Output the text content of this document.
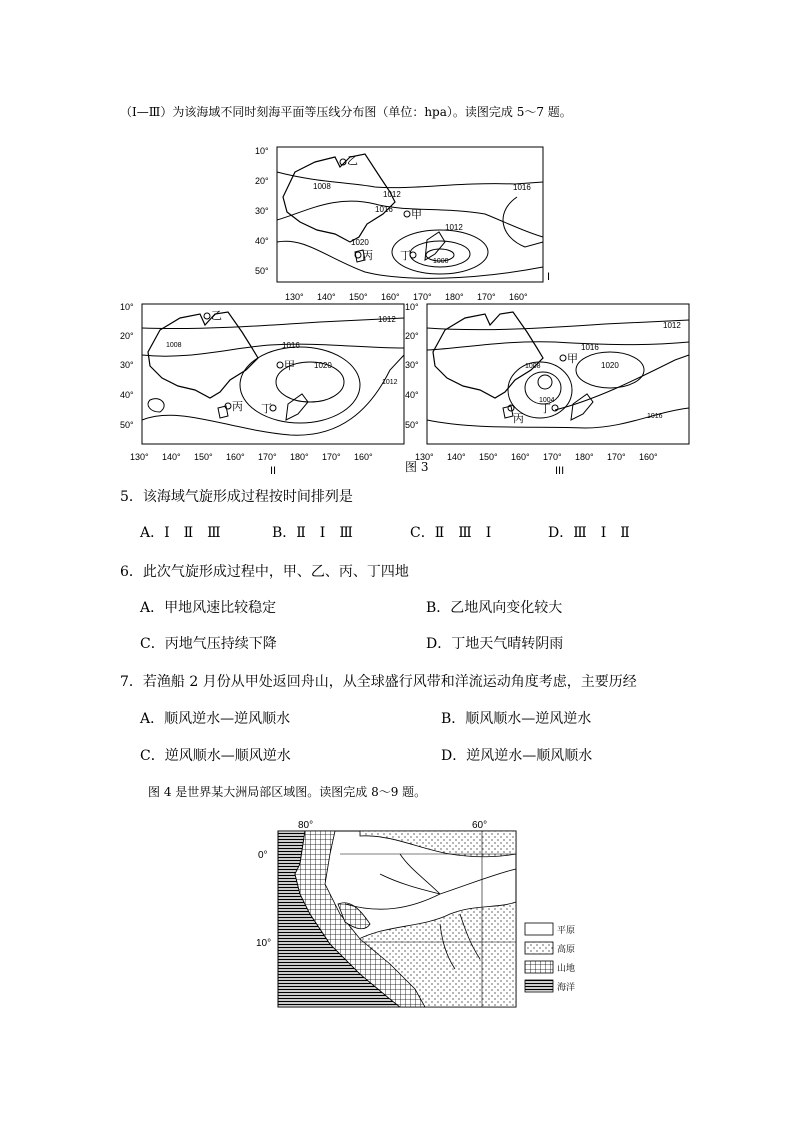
（Ⅰ—Ⅲ）为该海域不同时刻海平面等压线分布图（单位：hpa）。读图完成 5～7 题。
乙
甲
丙 丁
1008
1012
1016
1020
1012
1016
1000
10°
20°
30°
40°
50°
130° 140° 150° 160° 170° 180° 170° 160°
I
乙
甲
丙 丁
1012
1008	1016
1020
1012
10°
20°
30°
40°
50°
130° 140° 150° 160° 170° 180° 170° 160°
II	图 3
丙
丁
甲
1012
1016
1008	1020
1004
1016
10°
20°
30°
40°
50°
130° 140° 150° 160° 170° 180° 170° 160°
III
5．该海域气旋形成过程按时间排列是
A．Ⅰ　Ⅱ　Ⅲ	B．Ⅱ　Ⅰ　Ⅲ	C．Ⅱ　Ⅲ　Ⅰ	D．Ⅲ　Ⅰ　Ⅱ
6．此次气旋形成过程中，甲、乙、丙、丁四地
A．甲地风速比较稳定	B．乙地风向变化较大
C．丙地气压持续下降	D．丁地天气晴转阴雨
7．若渔船 2 月份从甲处返回舟山，从全球盛行风带和洋流运动角度考虑，主要历经
A．顺风逆水—逆风顺水	B．顺风顺水—逆风逆水
C．逆风顺水—顺风逆水	D．逆风逆水—顺风顺水
图 4 是世界某大洲局部区域图。读图完成 8～9 题。
80°	60°
0°
10°
平原
高原
山地
海洋
